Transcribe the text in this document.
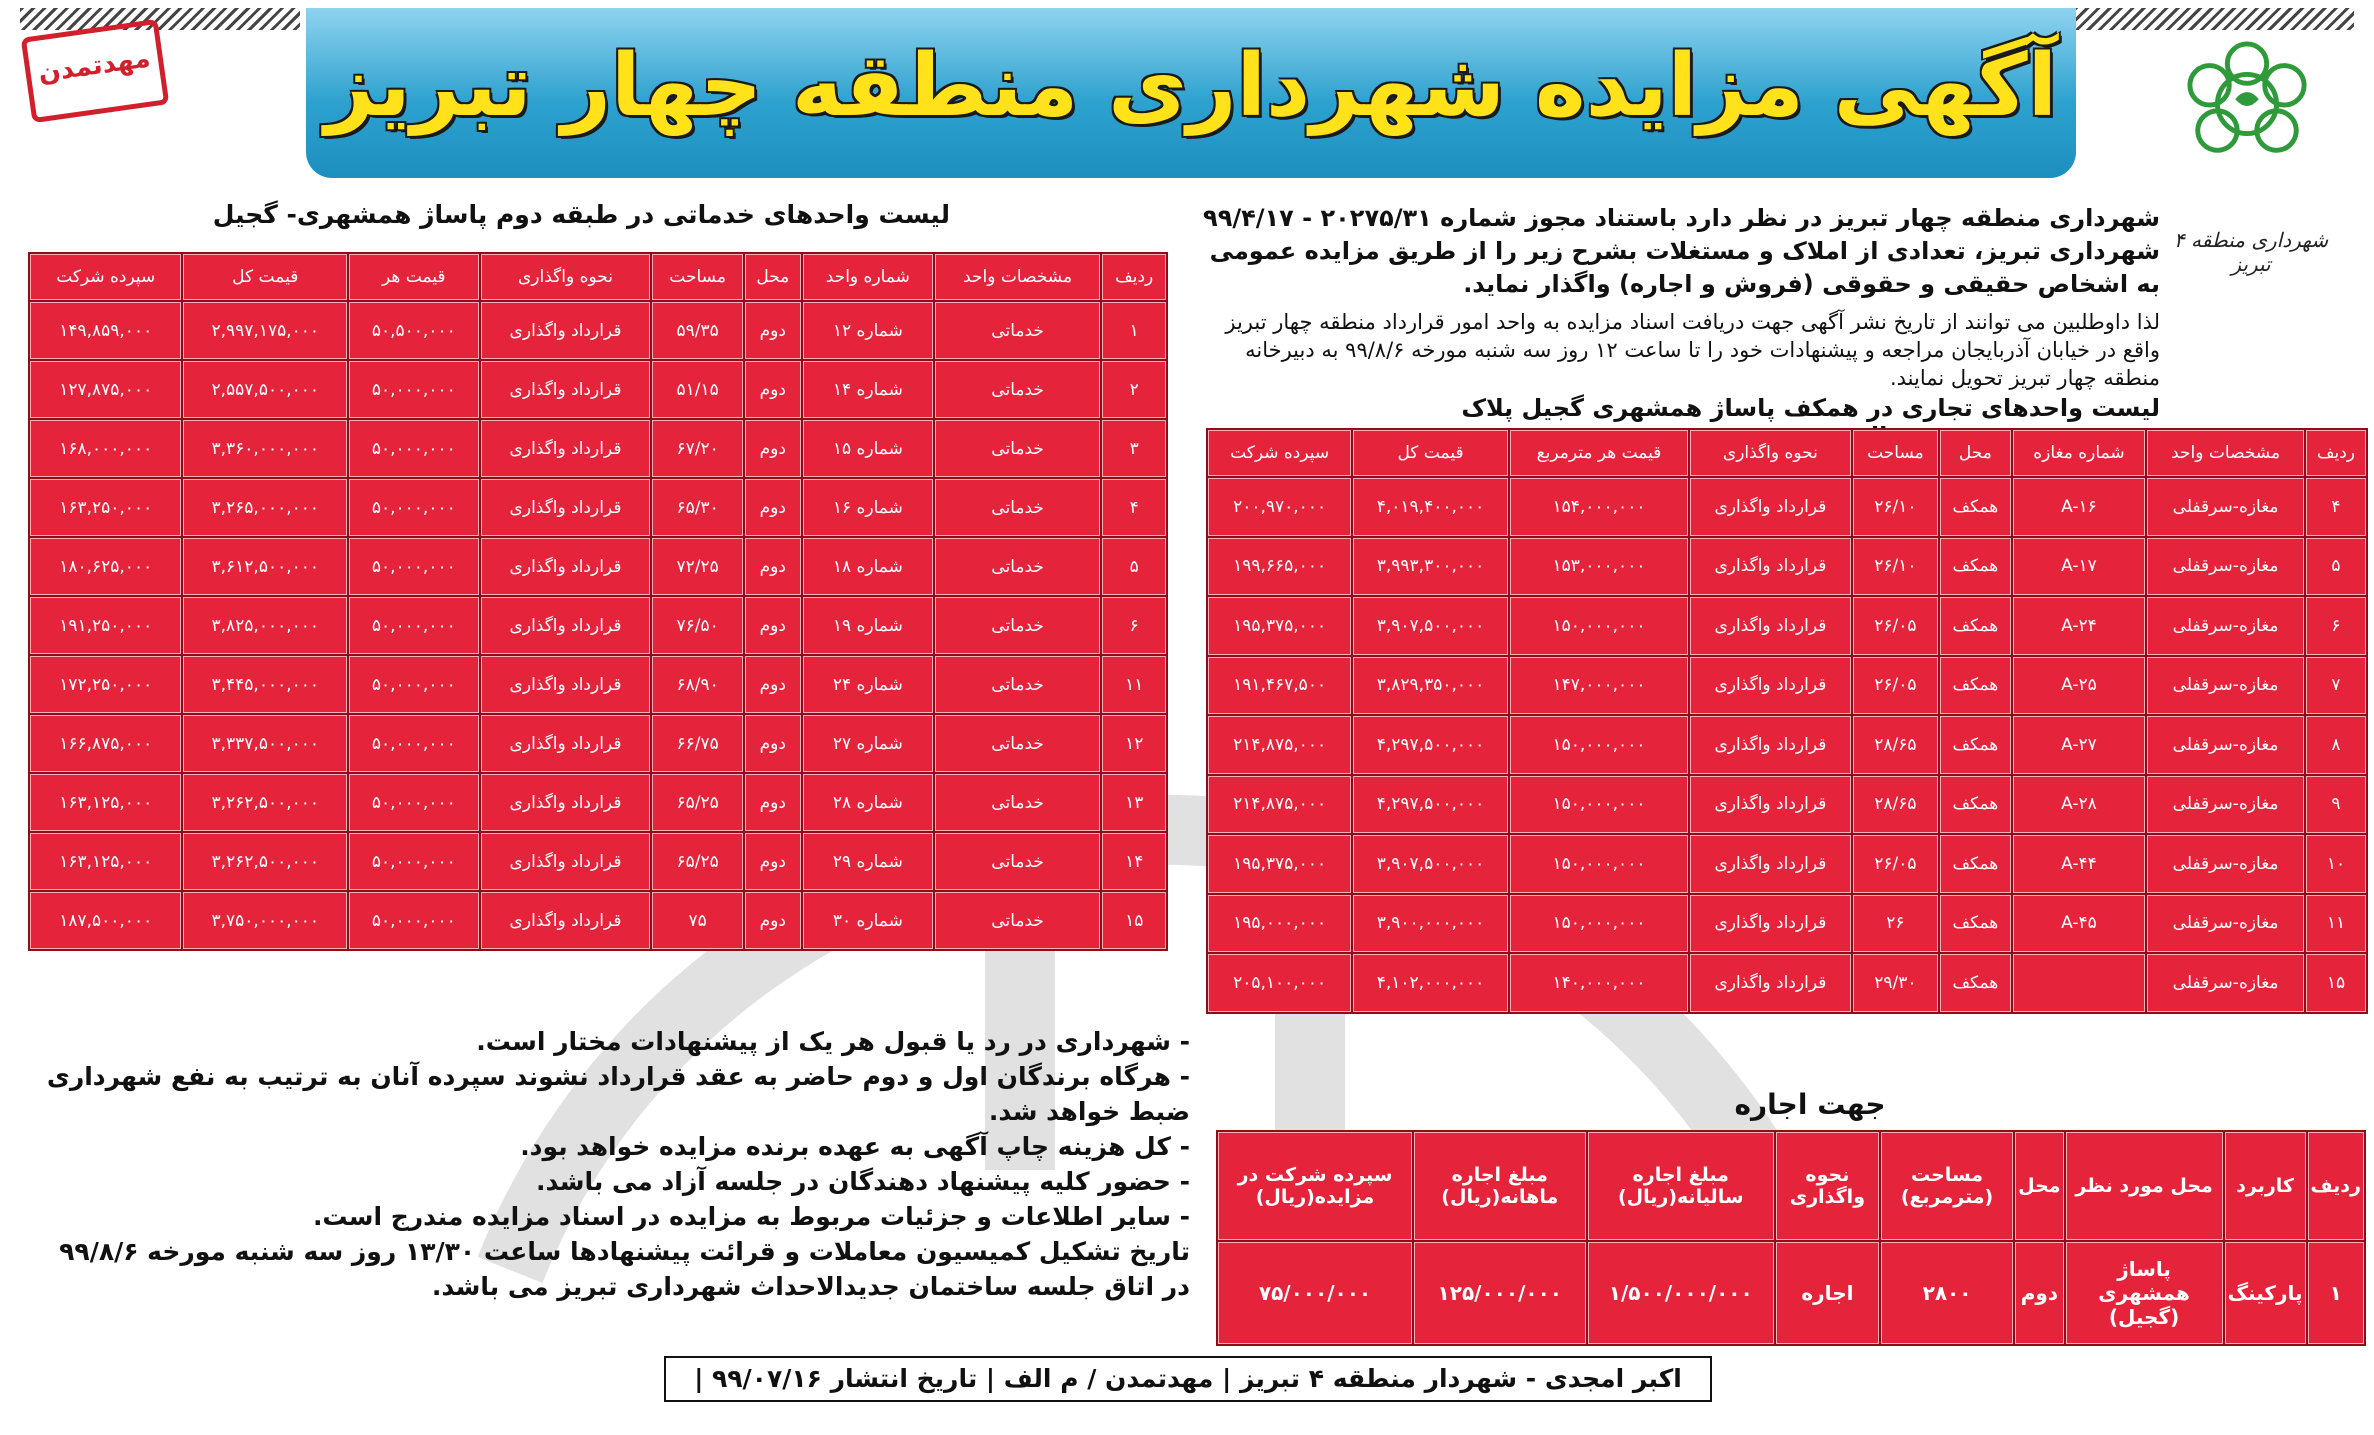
مهدتمدن آگهی مزایده شهرداری منطقه چهار تبریز
شهرداری منطقه ۴ تبریز
شهرداری منطقه چهار تبریز در نظر دارد باستناد مجوز شماره ۲۰۲۷۵/۳۱ - ۹۹/۴/۱۷ شهرداری تبریز، تعدادی از املاک و مستغلات بشرح زیر را از طریق مزایده عمومی به اشخاص حقیقی و حقوقی (فروش و اجاره) واگذار نماید.
لذا داوطلبین می توانند از تاریخ نشر آگهی جهت دریافت اسناد مزایده به واحد امور قرارداد منطقه چهار تبریز واقع در خیابان آذربایجان مراجعه و پیشنهادات خود را تا ساعت ۱۲ روز سه شنبه مورخه ۹۹/۸/۶ به دبیرخانه منطقه چهار تبریز تحویل نمایند.
لیست واحدهای خدماتی در طبقه دوم پاساژ همشهری- گجیل
ردیف	مشخصات واحد	شماره واحد	محل	مساحت	نحوه واگذاری	قیمت هر	قیمت کل	سپرده شرکت
۱	خدماتی	شماره ۱۲	دوم	۵۹/۳۵	قرارداد واگذاری	۵۰,۵۰۰,۰۰۰	۲,۹۹۷,۱۷۵,۰۰۰	۱۴۹,۸۵۹,۰۰۰
۲	خدماتی	شماره ۱۴	دوم	۵۱/۱۵	قرارداد واگذاری	۵۰,۰۰۰,۰۰۰	۲,۵۵۷,۵۰۰,۰۰۰	۱۲۷,۸۷۵,۰۰۰
۳	خدماتی	شماره ۱۵	دوم	۶۷/۲۰	قرارداد واگذاری	۵۰,۰۰۰,۰۰۰	۳,۳۶۰,۰۰۰,۰۰۰	۱۶۸,۰۰۰,۰۰۰
۴	خدماتی	شماره ۱۶	دوم	۶۵/۳۰	قرارداد واگذاری	۵۰,۰۰۰,۰۰۰	۳,۲۶۵,۰۰۰,۰۰۰	۱۶۳,۲۵۰,۰۰۰
۵	خدماتی	شماره ۱۸	دوم	۷۲/۲۵	قرارداد واگذاری	۵۰,۰۰۰,۰۰۰	۳,۶۱۲,۵۰۰,۰۰۰	۱۸۰,۶۲۵,۰۰۰
۶	خدماتی	شماره ۱۹	دوم	۷۶/۵۰	قرارداد واگذاری	۵۰,۰۰۰,۰۰۰	۳,۸۲۵,۰۰۰,۰۰۰	۱۹۱,۲۵۰,۰۰۰
۱۱	خدماتی	شماره ۲۴	دوم	۶۸/۹۰	قرارداد واگذاری	۵۰,۰۰۰,۰۰۰	۳,۴۴۵,۰۰۰,۰۰۰	۱۷۲,۲۵۰,۰۰۰
۱۲	خدماتی	شماره ۲۷	دوم	۶۶/۷۵	قرارداد واگذاری	۵۰,۰۰۰,۰۰۰	۳,۳۳۷,۵۰۰,۰۰۰	۱۶۶,۸۷۵,۰۰۰
۱۳	خدماتی	شماره ۲۸	دوم	۶۵/۲۵	قرارداد واگذاری	۵۰,۰۰۰,۰۰۰	۳,۲۶۲,۵۰۰,۰۰۰	۱۶۳,۱۲۵,۰۰۰
۱۴	خدماتی	شماره ۲۹	دوم	۶۵/۲۵	قرارداد واگذاری	۵۰,۰۰۰,۰۰۰	۳,۲۶۲,۵۰۰,۰۰۰	۱۶۳,۱۲۵,۰۰۰
۱۵	خدماتی	شماره ۳۰	دوم	۷۵	قرارداد واگذاری	۵۰,۰۰۰,۰۰۰	۳,۷۵۰,۰۰۰,۰۰۰	۱۸۷,۵۰۰,۰۰۰
لیست واحدهای تجاری در همکف پاساژ همشهری گجیل پلاک
ردیف	مشخصات واحد	شماره مغازه	محل	مساحت	نحوه واگذاری	قیمت هر مترمربع	قیمت کل	سپرده شرکت
۴	مغازه-سرقفلی	A-۱۶	همکف	۲۶/۱۰	قرارداد واگذاری	۱۵۴,۰۰۰,۰۰۰	۴,۰۱۹,۴۰۰,۰۰۰	۲۰۰,۹۷۰,۰۰۰
۵	مغازه-سرقفلی	A-۱۷	همکف	۲۶/۱۰	قرارداد واگذاری	۱۵۳,۰۰۰,۰۰۰	۳,۹۹۳,۳۰۰,۰۰۰	۱۹۹,۶۶۵,۰۰۰
۶	مغازه-سرقفلی	A-۲۴	همکف	۲۶/۰۵	قرارداد واگذاری	۱۵۰,۰۰۰,۰۰۰	۳,۹۰۷,۵۰۰,۰۰۰	۱۹۵,۳۷۵,۰۰۰
۷	مغازه-سرقفلی	A-۲۵	همکف	۲۶/۰۵	قرارداد واگذاری	۱۴۷,۰۰۰,۰۰۰	۳,۸۲۹,۳۵۰,۰۰۰	۱۹۱,۴۶۷,۵۰۰
۸	مغازه-سرقفلی	A-۲۷	همکف	۲۸/۶۵	قرارداد واگذاری	۱۵۰,۰۰۰,۰۰۰	۴,۲۹۷,۵۰۰,۰۰۰	۲۱۴,۸۷۵,۰۰۰
۹	مغازه-سرقفلی	A-۲۸	همکف	۲۸/۶۵	قرارداد واگذاری	۱۵۰,۰۰۰,۰۰۰	۴,۲۹۷,۵۰۰,۰۰۰	۲۱۴,۸۷۵,۰۰۰
۱۰	مغازه-سرقفلی	A-۴۴	همکف	۲۶/۰۵	قرارداد واگذاری	۱۵۰,۰۰۰,۰۰۰	۳,۹۰۷,۵۰۰,۰۰۰	۱۹۵,۳۷۵,۰۰۰
۱۱	مغازه-سرقفلی	A-۴۵	همکف	۲۶	قرارداد واگذاری	۱۵۰,۰۰۰,۰۰۰	۳,۹۰۰,۰۰۰,۰۰۰	۱۹۵,۰۰۰,۰۰۰
۱۵	مغازه-سرقفلی		همکف	۲۹/۳۰	قرارداد واگذاری	۱۴۰,۰۰۰,۰۰۰	۴,۱۰۲,۰۰۰,۰۰۰	۲۰۵,۱۰۰,۰۰۰
جهت اجاره
ردیف	کاربرد	محل مورد نظر	محل	مساحت (مترمربع)	نحوه واگذاری	مبلغ اجاره سالیانه(ریال)	مبلغ اجاره ماهانه(ریال)	سپرده شرکت در مزایده(ریال)
۱	پارکینگ	پاساژ همشهری (گجیل)	دوم	۲۸۰۰	اجاره	۱/۵۰۰/۰۰۰/۰۰۰	۱۲۵/۰۰۰/۰۰۰	۷۵/۰۰۰/۰۰۰
- شهرداری در رد یا قبول هر یک از پیشنهادات مختار است.
- هرگاه برندگان اول و دوم حاضر به عقد قرارداد نشوند سپرده آنان به ترتیب به نفع شهرداری ضبط خواهد شد.
- کل هزینه چاپ آگهی به عهده برنده مزایده خواهد بود.
- حضور کلیه پیشنهاد دهندگان در جلسه آزاد می باشد.
- سایر اطلاعات و جزئیات مربوط به مزایده در اسناد مزایده مندرج است.
تاریخ تشکیل کمیسیون معاملات و قرائت پیشنهادها ساعت ۱۳/۳۰ روز سه شنبه مورخه ۹۹/۸/۶ در اتاق جلسه ساختمان جدیدالاحداث شهرداری تبریز می باشد.
اکبر امجدی - شهردار منطقه ۴ تبریز | مهدتمدن / م الف | تاریخ انتشار ۹۹/۰۷/۱۶ |
